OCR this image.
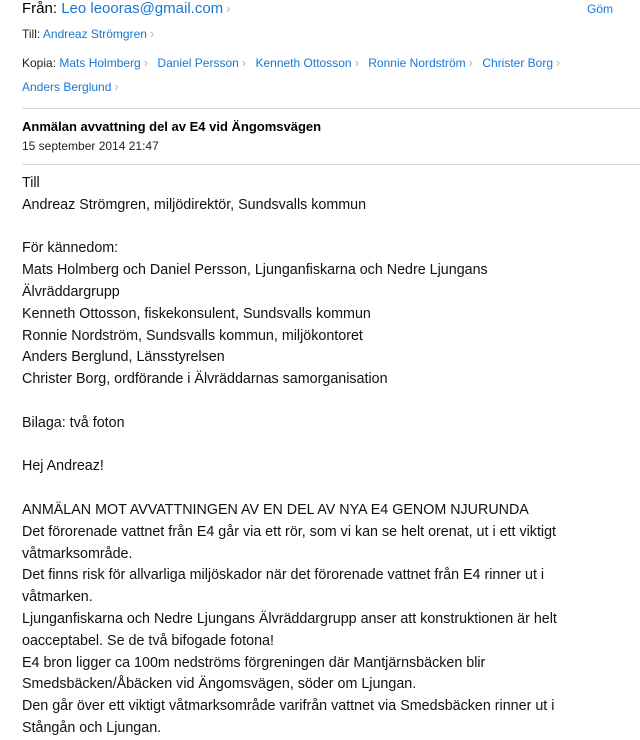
Från: Leo leooras@gmail.com ›	Göm
Till: Andreaz Strömgren ›
Kopia: Mats Holmberg › Daniel Persson › Kenneth Ottosson › Ronnie Nordström › Christer Borg ›
Anders Berglund ›
Anmälan avvattning del av E4 vid Ängomsvägen
15 september 2014 21:47
Till
Andreaz Strömgren, miljödirektör, Sundsvalls kommun
För kännedom:
Mats Holmberg och Daniel Persson, Ljunganfiskarna och Nedre Ljungans
Älvräddargrupp
Kenneth Ottosson, fiskekonsulent, Sundsvalls kommun
Ronnie Nordström, Sundsvalls kommun, miljökontoret
Anders Berglund, Länsstyrelsen
Christer Borg, ordförande i Älvräddarnas samorganisation
Bilaga: två foton
Hej Andreaz!
ANMÄLAN MOT AVVATTNINGEN AV EN DEL AV NYA E4 GENOM NJURUNDA
Det förorenade vattnet från E4 går via ett rör, som vi kan se helt orenat, ut i ett viktigt
våtmarksområde.
Det finns risk för allvarliga miljöskador när det förorenade vattnet från E4 rinner ut i
våtmarken.
Ljunganfiskarna och Nedre Ljungans Älvräddargrupp anser att konstruktionen är helt
oacceptabel. Se de två bifogade fotona!
E4 bron ligger ca 100m nedströms förgreningen där Mantjärnsbäcken blir
Smedsbäcken/Åbäcken vid Ängomsvägen, söder om Ljungan.
Den går över ett viktigt våtmarksområde varifrån vattnet via Smedsbäcken rinner ut i
Stångån och Ljungan.
